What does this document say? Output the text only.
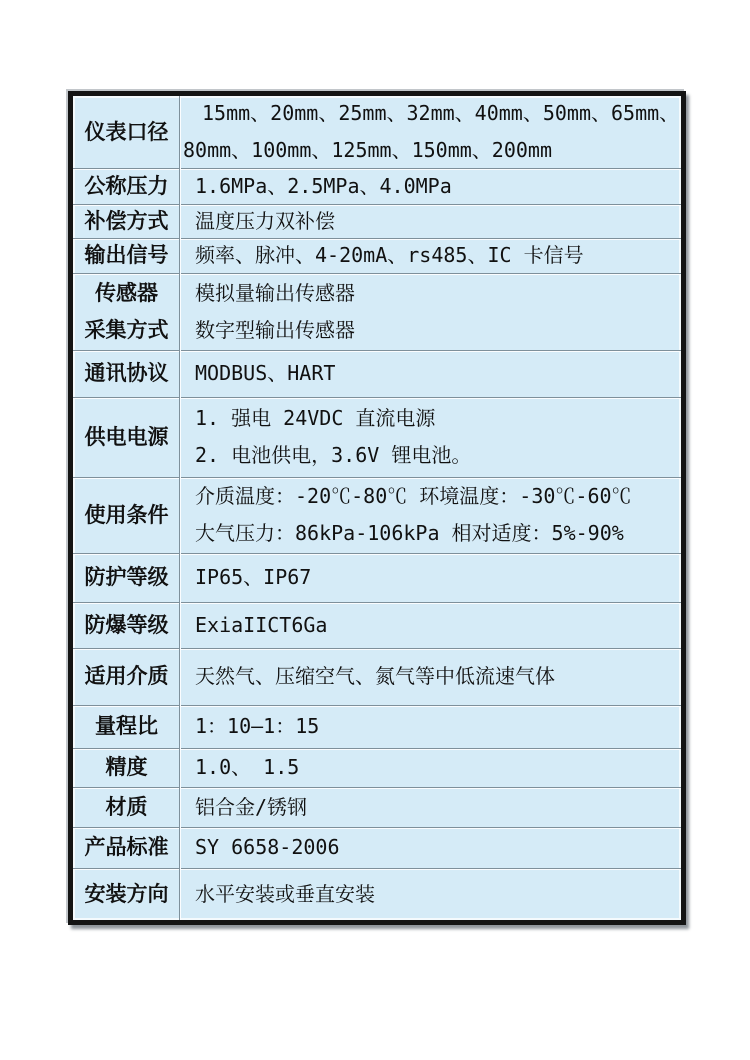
仪表口径
15mm、20mm、25mm、32mm、40mm、50mm、65mm、
80mm、100mm、125mm、150mm、200mm
公称压力 1.6MPa、2.5MPa、4.0MPa
补偿方式 温度压力双补偿
输出信号 频率、脉冲、4-20mA、rs485、IC 卡信号
传感器
采集方式
模拟量输出传感器
数字型输出传感器
通讯协议 MODBUS、HART
供电电源
1. 强电 24VDC 直流电源
2. 电池供电，3.6V 锂电池。
使用条件
介质温度：-20℃-80℃ 环境温度：-30℃-60℃
大气压力：86kPa-106kPa 相对适度：5%-90%
防护等级 IP65、IP67
防爆等级 ExiaIICT6Ga
适用介质 天然气、压缩空气、氮气等中低流速气体
量程比 1：10—1：15
精度 1.0、 1.5
材质 铝合金/锈钢
产品标准 SY 6658-2006
安装方向 水平安装或垂直安装
